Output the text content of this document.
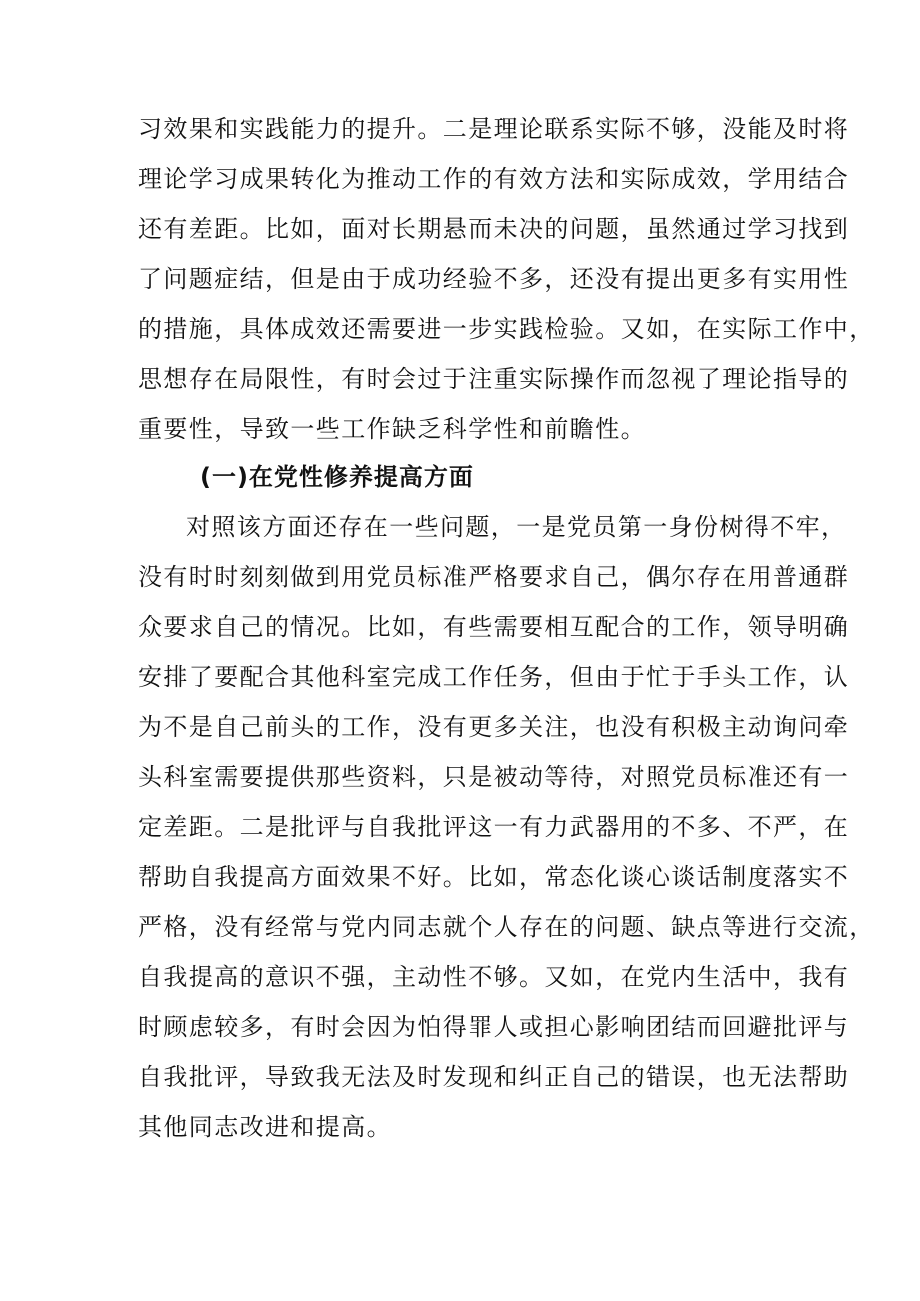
习效果和实践能力的提升。二是理论联系实际不够，没能及时将
理论学习成果转化为推动工作的有效方法和实际成效，学用结合
还有差距。比如，面对长期悬而未决的问题，虽然通过学习找到
了问题症结，但是由于成功经验不多，还没有提出更多有实用性
的措施，具体成效还需要进一步实践检验。又如，在实际工作中，
思想存在局限性，有时会过于注重实际操作而忽视了理论指导的
重要性，导致一些工作缺乏科学性和前瞻性。
(一)在党性修养提高方面
对照该方面还存在一些问题，一是党员第一身份树得不牢，
没有时时刻刻做到用党员标准严格要求自己，偶尔存在用普通群
众要求自己的情况。比如，有些需要相互配合的工作，领导明确
安排了要配合其他科室完成工作任务，但由于忙于手头工作，认
为不是自己前头的工作，没有更多关注，也没有积极主动询问牵
头科室需要提供那些资料，只是被动等待，对照党员标准还有一
定差距。二是批评与自我批评这一有力武器用的不多、不严，在
帮助自我提高方面效果不好。比如，常态化谈心谈话制度落实不
严格，没有经常与党内同志就个人存在的问题、缺点等进行交流，
自我提高的意识不强，主动性不够。又如，在党内生活中，我有
时顾虑较多，有时会因为怕得罪人或担心影响团结而回避批评与
自我批评，导致我无法及时发现和纠正自己的错误，也无法帮助
其他同志改进和提高。
